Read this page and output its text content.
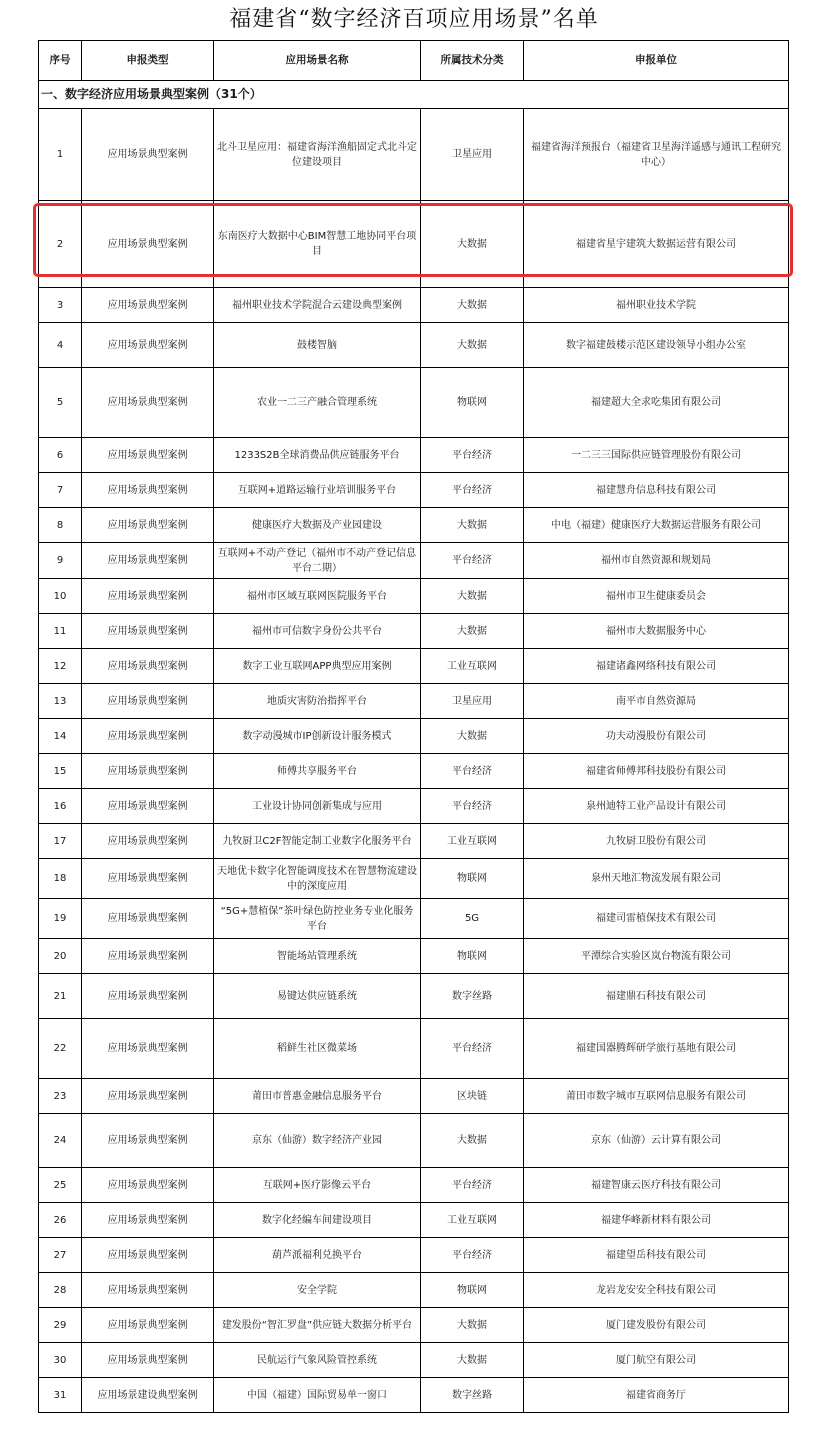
福建省“数字经济百项应用场景”名单
序号	申报类型	应用场景名称	所属技术分类	申报单位
一、数字经济应用场景典型案例（31个）				
1	应用场景典型案例	北斗卫星应用：福建省海洋渔船固定式北斗定位建设项目	卫星应用	福建省海洋预报台（福建省卫星海洋遥感与通讯工程研究中心）
2	应用场景典型案例	东南医疗大数据中心BIM智慧工地协同平台项目	大数据	福建省星宇建筑大数据运营有限公司
3	应用场景典型案例	福州职业技术学院混合云建设典型案例	大数据	福州职业技术学院
4	应用场景典型案例	鼓楼智脑	大数据	数字福建鼓楼示范区建设领导小组办公室
5	应用场景典型案例	农业一二三产融合管理系统	物联网	福建超大全求吃集团有限公司
6	应用场景典型案例	1233S2B全球消费品供应链服务平台	平台经济	一二三三国际供应链管理股份有限公司
7	应用场景典型案例	互联网+道路运输行业培训服务平台	平台经济	福建慧舟信息科技有限公司
8	应用场景典型案例	健康医疗大数据及产业园建设	大数据	中电（福建）健康医疗大数据运营服务有限公司
9	应用场景典型案例	互联网+不动产登记（福州市不动产登记信息平台二期）	平台经济	福州市自然资源和规划局
10	应用场景典型案例	福州市区域互联网医院服务平台	大数据	福州市卫生健康委员会
11	应用场景典型案例	福州市可信数字身份公共平台	大数据	福州市大数据服务中心
12	应用场景典型案例	数字工业互联网APP典型应用案例	工业互联网	福建诸鑫网络科技有限公司
13	应用场景典型案例	地质灾害防治指挥平台	卫星应用	南平市自然资源局
14	应用场景典型案例	数字动漫城市IP创新设计服务模式	大数据	功夫动漫股份有限公司
15	应用场景典型案例	师傅共享服务平台	平台经济	福建省师傅邦科技股份有限公司
16	应用场景典型案例	工业设计协同创新集成与应用	平台经济	泉州迪特工业产品设计有限公司
17	应用场景典型案例	九牧厨卫C2F智能定制工业数字化服务平台	工业互联网	九牧厨卫股份有限公司
18	应用场景典型案例	天地优卡数字化智能调度技术在智慧物流建设中的深度应用	物联网	泉州天地汇物流发展有限公司
19	应用场景典型案例	“5G+慧植保”茶叶绿色防控业务专业化服务平台	5G	福建司雷植保技术有限公司
20	应用场景典型案例	智能场站管理系统	物联网	平潭综合实验区岚台物流有限公司
21	应用场景典型案例	易键达供应链系统	数字丝路	福建鼎石科技有限公司
22	应用场景典型案例	稻鲜生社区微菜场	平台经济	福建国器腾辉研学旅行基地有限公司
23	应用场景典型案例	莆田市普惠金融信息服务平台	区块链	莆田市数字城市互联网信息服务有限公司
24	应用场景典型案例	京东（仙游）数字经济产业园	大数据	京东（仙游）云计算有限公司
25	应用场景典型案例	互联网+医疗影像云平台	平台经济	福建智康云医疗科技有限公司
26	应用场景典型案例	数字化经编车间建设项目	工业互联网	福建华峰新材料有限公司
27	应用场景典型案例	葫芦派福利兑换平台	平台经济	福建望岳科技有限公司
28	应用场景典型案例	安全学院	物联网	龙岩龙安安全科技有限公司
29	应用场景典型案例	建发股份“智汇罗盘”供应链大数据分析平台	大数据	厦门建发股份有限公司
30	应用场景典型案例	民航运行气象风险管控系统	大数据	厦门航空有限公司
31	应用场景建设典型案例	中国（福建）国际贸易单一窗口	数字丝路	福建省商务厅
